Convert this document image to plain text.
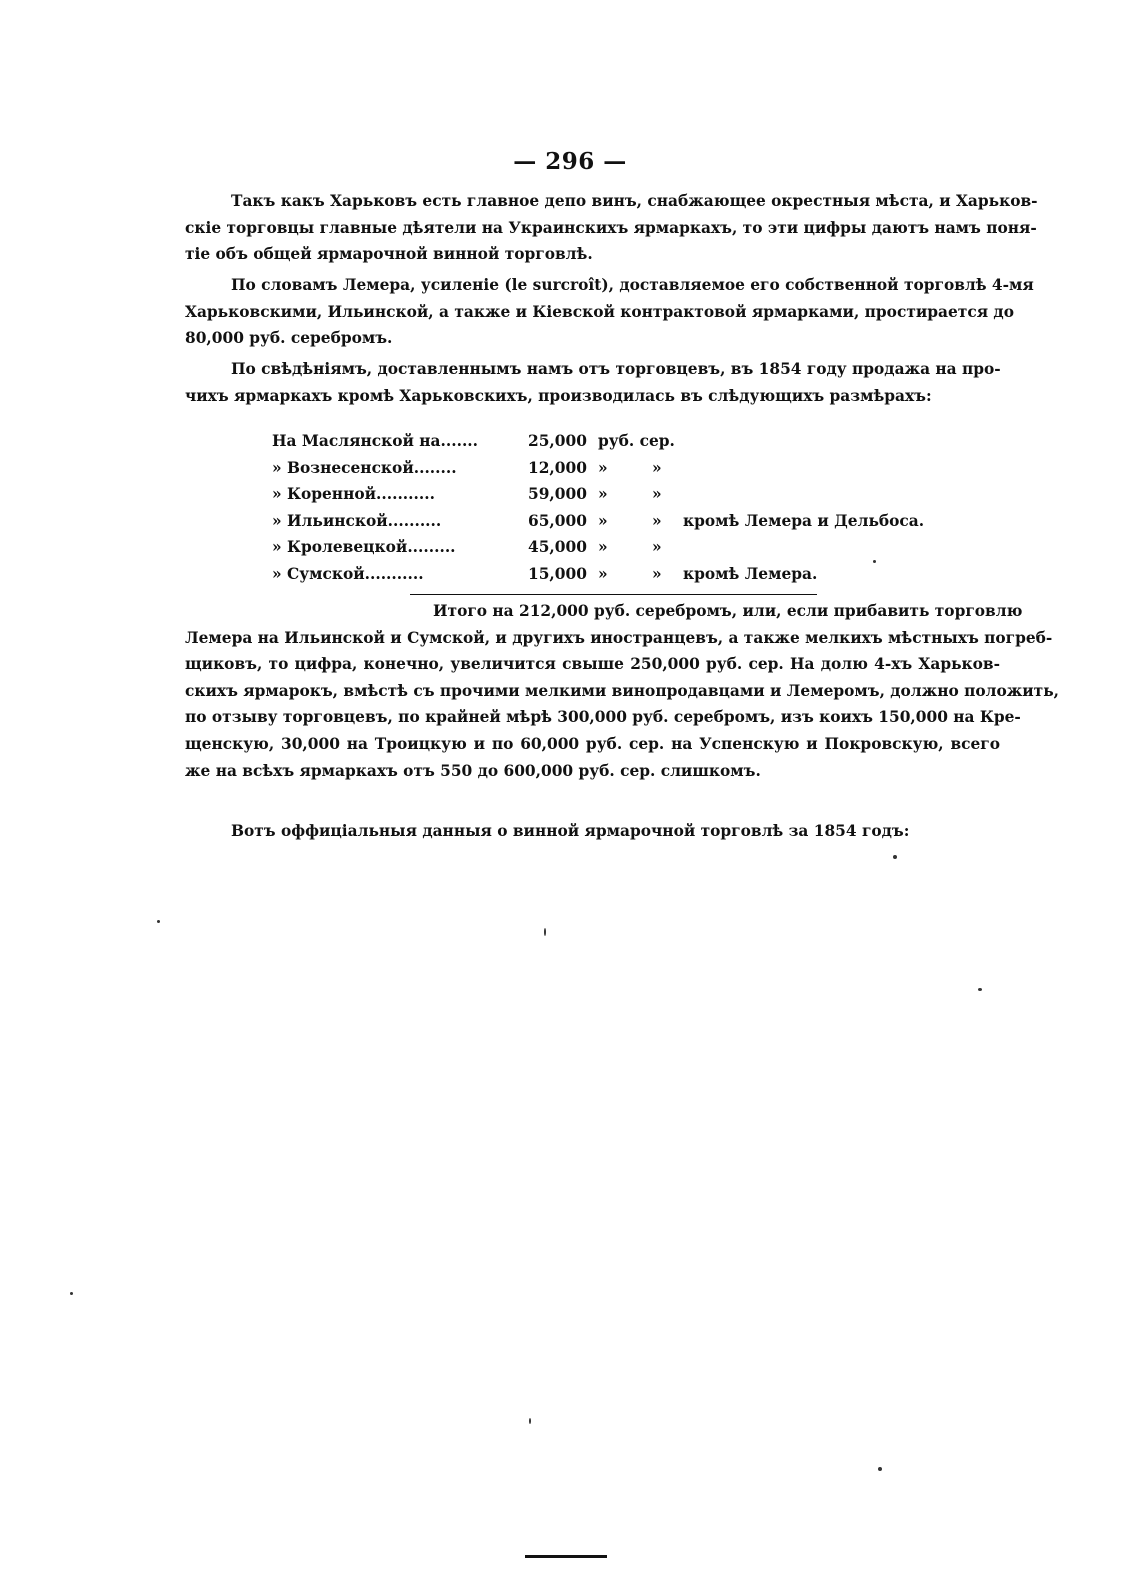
— 296 —
Такъ какъ Харьковъ есть главное депо винъ, снабжающее окрестныя мѣста, и Харьков-
скіе торговцы главные дѣятели на Украинскихъ ярмаркахъ, то эти цифры даютъ намъ поня-
тіе объ общей ярмарочной винной торговлѣ.
По словамъ Лемера, усиленіе (le surcroît), доставляемое его собственной торговлѣ 4-мя
Харьковскими, Ильинской, а также и Кіевской контрактовой ярмарками, простирается до
80,000 руб. серебромъ.
По свѣдѣніямъ, доставленнымъ намъ отъ торговцевъ, въ 1854 году продажа на про-
чихъ ярмаркахъ кромѣ Харьковскихъ, производилась въ слѣдующихъ размѣрахъ:
На Маслянской на.......	25,000 руб. сер.
» Вознесенской........	12,000 »	»
» Коренной...........	59,000 »	»
» Ильинской..........	65,000 »	» кромѣ Лемера и Дельбоса.
» Кролевецкой.........	45,000 »	»
» Сумской...........	15,000 »	» кромѣ Лемера.
Итого на 212,000 руб. серебромъ, или, если прибавить торговлю
Лемера на Ильинской и Сумской, и другихъ иностранцевъ, а также мелкихъ мѣстныхъ погреб-
щиковъ, то цифра, конечно, увеличится свыше 250,000 руб. сер. На долю 4-хъ Харьков-
скихъ ярмарокъ, вмѣстѣ съ прочими мелкими винопродавцами и Лемеромъ, должно положить,
по отзыву торговцевъ, по крайней мѣрѣ 300,000 руб. серебромъ, изъ коихъ 150,000 на Кре-
щенскую, 30,000 на Троицкую и по 60,000 руб. сер. на Успенскую и Покровскую, всего
же на всѣхъ ярмаркахъ отъ 550 до 600,000 руб. сер. слишкомъ.
Вотъ оффиціальныя данныя о винной ярмарочной торговлѣ за 1854 годъ:
